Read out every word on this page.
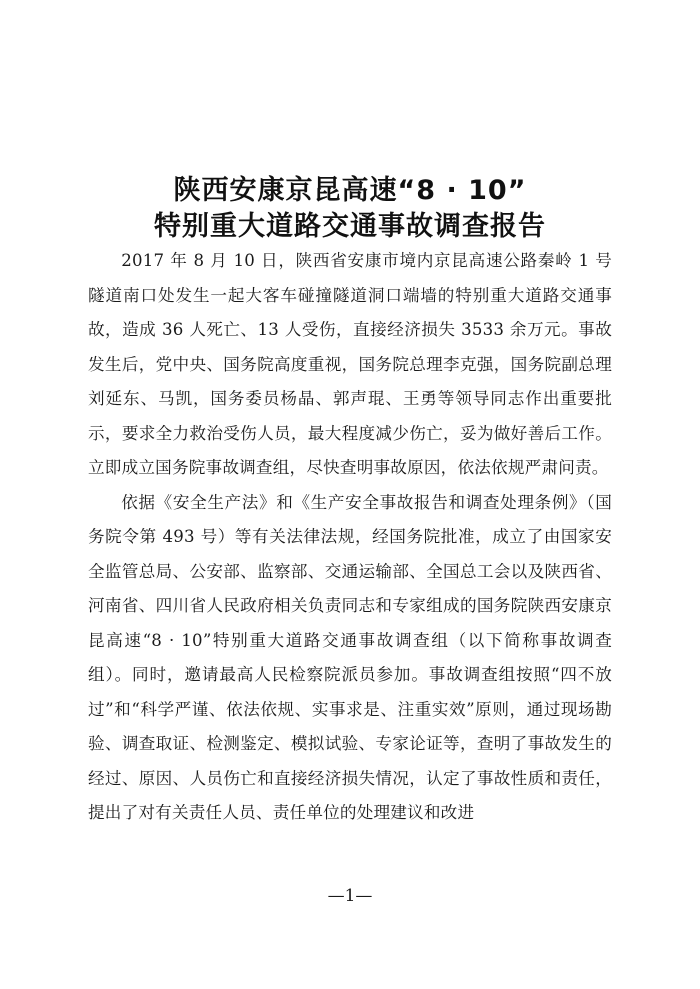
陕西安康京昆高速“8 · 10”
特别重大道路交通事故调查报告

2017 年 8 月 10 日，陕西省安康市境内京昆高速公路秦岭 1 号隧道南口处发生一起大客车碰撞隧道洞口端墙的特别重大道路交通事故，造成 36 人死亡、13 人受伤，直接经济损失 3533 余万元。事故发生后，党中央、国务院高度重视，国务院总理李克强，国务院副总理刘延东、马凯，国务委员杨晶、郭声琨、王勇等领导同志作出重要批示，要求全力救治受伤人员，最大程度减少伤亡，妥为做好善后工作。立即成立国务院事故调查组，尽快查明事故原因，依法依规严肃问责。

依据《安全生产法》和《生产安全事故报告和调查处理条例》（国务院令第 493 号）等有关法律法规，经国务院批准，成立了由国家安全监管总局、公安部、监察部、交通运输部、全国总工会以及陕西省、河南省、四川省人民政府相关负责同志和专家组成的国务院陕西安康京昆高速“8 · 10”特别重大道路交通事故调查组（以下简称事故调查组）。同时，邀请最高人民检察院派员参加。事故调查组按照“四不放过”和“科学严谨、依法依规、实事求是、注重实效”原则，通过现场勘验、调查取证、检测鉴定、模拟试验、专家论证等，查明了事故发生的经过、原因、人员伤亡和直接经济损失情况，认定了事故性质和责任，提出了对有关责任人员、责任单位的处理建议和改进

—1—
